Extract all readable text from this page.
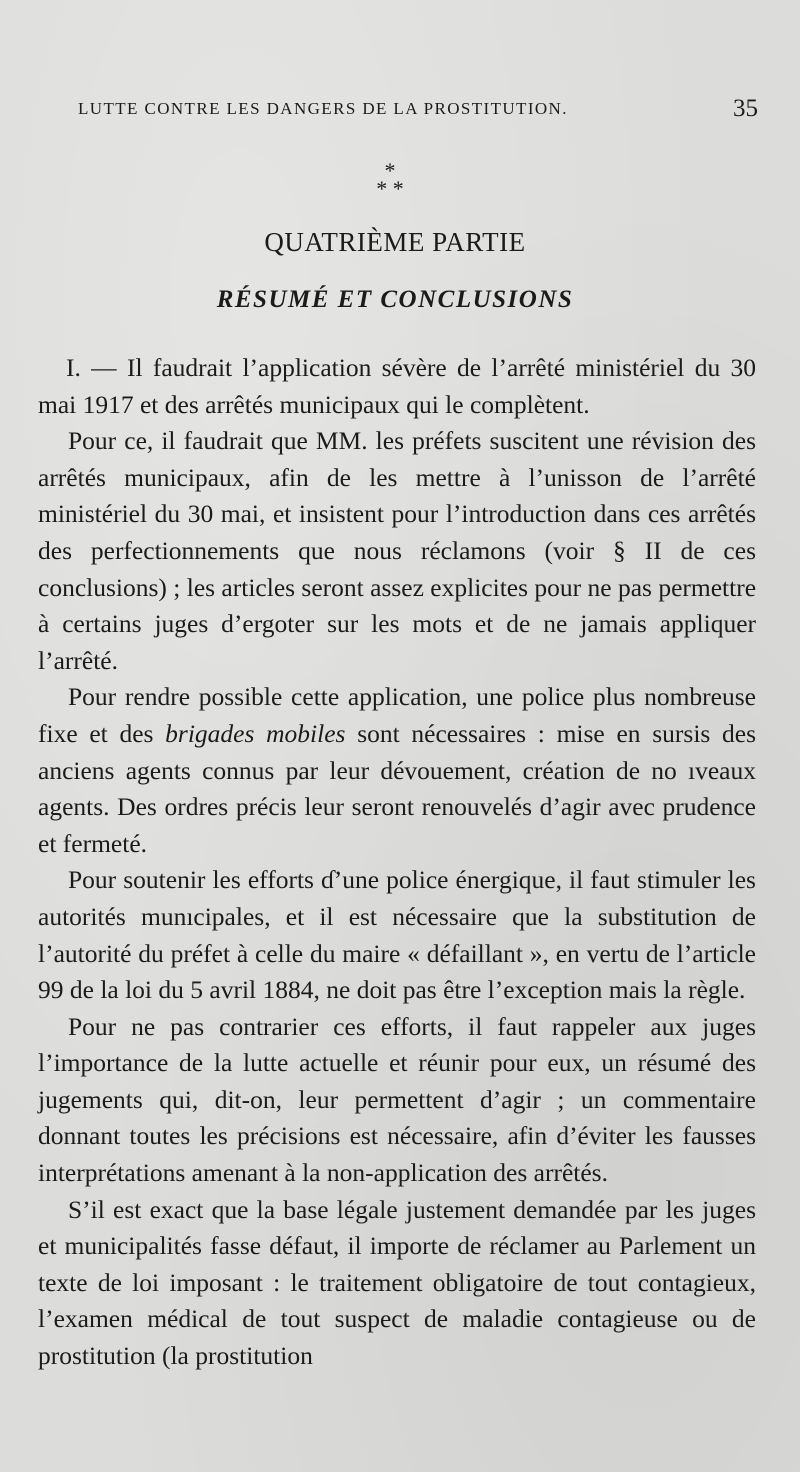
LUTTE CONTRE LES DANGERS DE LA PROSTITUTION.	35
*
* *
QUATRIÈME PARTIE
RÉSUMÉ ET CONCLUSIONS

I. — Il faudrait l’application sévère de l’arrêté ministériel du 30 mai 1917 et des arrêtés municipaux qui le complètent.

Pour ce, il faudrait que MM. les préfets suscitent une révision des arrêtés municipaux, afin de les mettre à l’unisson de l’arrêté ministériel du 30 mai, et insistent pour l’introduction dans ces arrêtés des perfectionnements que nous réclamons (voir § II de ces conclusions) ; les articles seront assez explicites pour ne pas permettre à certains juges d’ergoter sur les mots et de ne jamais appliquer l’arrêté.

Pour rendre possible cette application, une police plus nombreuse fixe et des brigades mobiles sont nécessaires : mise en sursis des anciens agents connus par leur dévouement, création de no ıveaux agents. Des ordres précis leur seront renouvelés d’agir avec prudence et fermeté.

Pour soutenir les efforts ɗ’une police énergique, il faut stimuler les autorités munıcipales, et il est nécessaire que la substitution de l’autorité du préfet à celle du maire « défaillant », en vertu de l’article 99 de la loi du 5 avril 1884, ne doit pas être l’exception mais la règle.

Pour ne pas contrarier ces efforts, il faut rappeler aux juges l’importance de la lutte actuelle et réunir pour eux, un résumé des jugements qui, dit-on, leur permettent d’agir ; un commentaire donnant toutes les précisions est nécessaire, afin d’éviter les fausses interprétations amenant à la non-application des arrêtés.

S’il est exact que la base légale justement demandée par les juges et municipalités fasse défaut, il importe de réclamer au Parlement un texte de loi imposant : le traitement obligatoire de tout contagieux, l’examen médical de tout suspect de maladie contagieuse ou de prostitution (la prostitution
